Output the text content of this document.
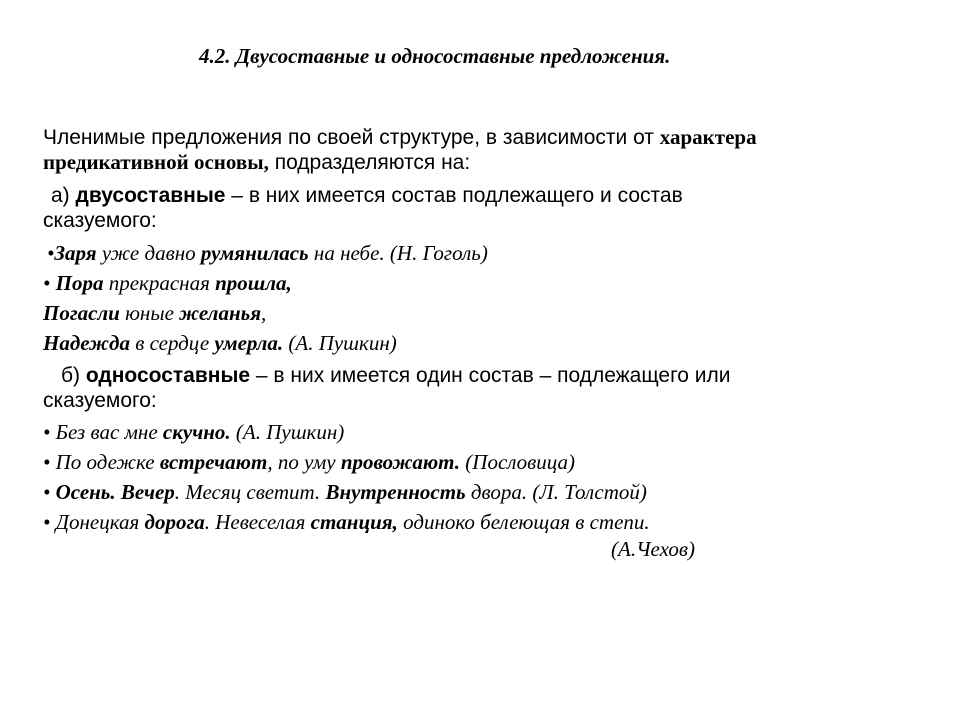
4.2. Двусоставные и односоставные предложения.
Членимые предложения по своей структуре, в зависимости от характера
предикативной основы, подразделяются на:
а) двусоставные – в них имеется состав подлежащего и состав
сказуемого:
•Заря уже давно румянилась на небе. (Н. Гоголь)
• Пора прекрасная прошла,
Погасли юные желанья,
Надежда в сердце умерла. (А. Пушкин)
б) односоставные – в них имеется один состав – подлежащего или
сказуемого:
• Без вас мне скучно. (А. Пушкин)
• По одежке встречают, по уму провожают. (Пословица)
• Осень. Вечер. Месяц светит. Внутренность двора. (Л. Толстой)
• Донецкая дорога. Невеселая станция, одиноко белеющая в степи.
(А.Чехов)
